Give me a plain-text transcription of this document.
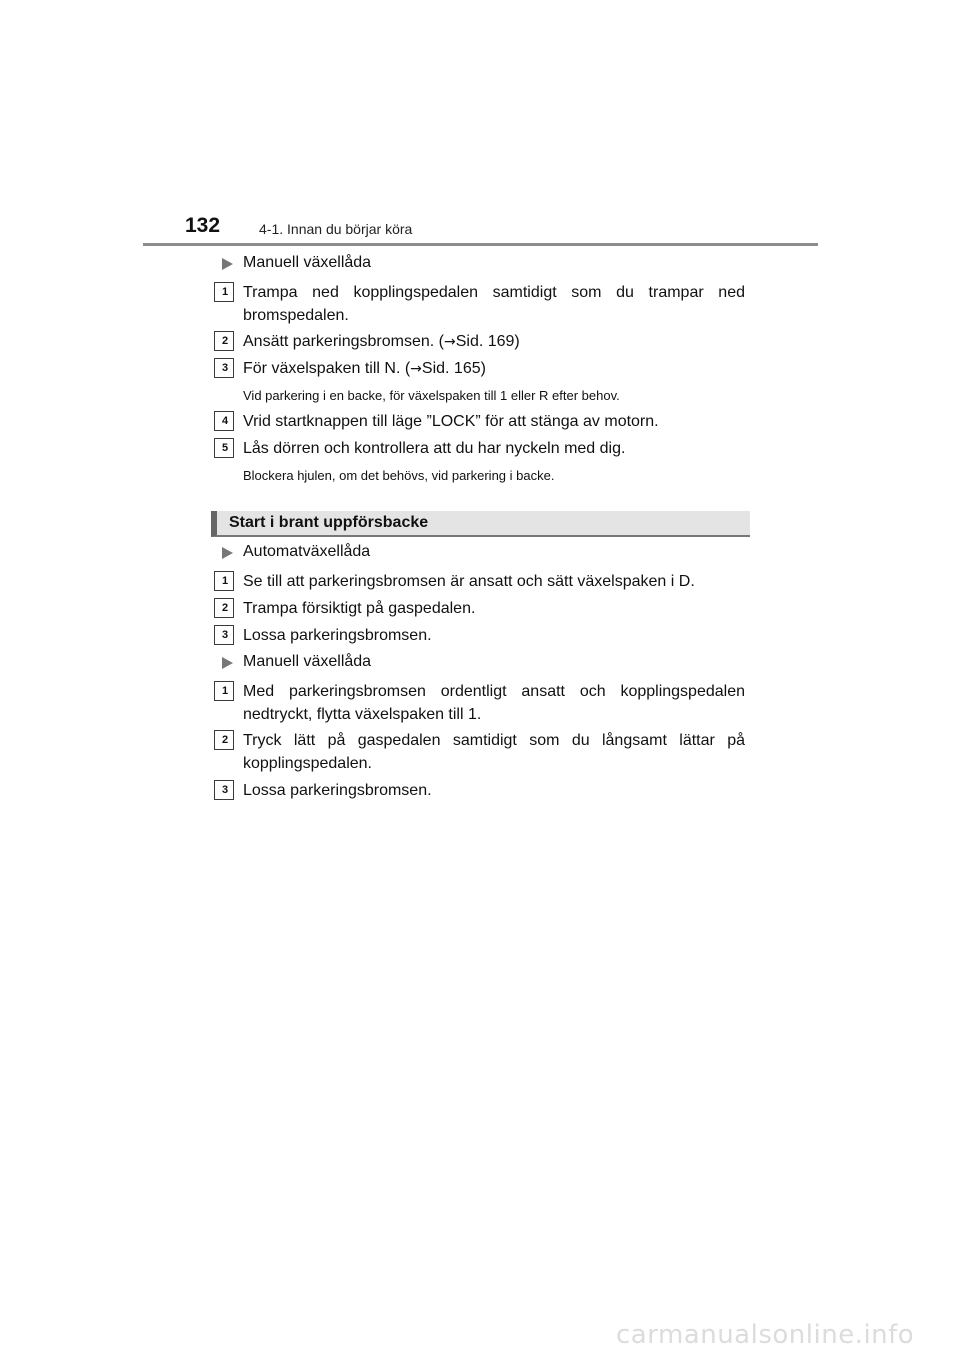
132	4-1. Innan du börjar köra
Manuell växellåda
1 Trampa ned kopplingspedalen samtidigt som du trampar ned bromspedalen.
2 Ansätt parkeringsbromsen. (→Sid. 169)
3 För växelspaken till N. (→Sid. 165)
Vid parkering i en backe, för växelspaken till 1 eller R efter behov.
4 Vrid startknappen till läge ”LOCK” för att stänga av motorn.
5 Lås dörren och kontrollera att du har nyckeln med dig.
Blockera hjulen, om det behövs, vid parkering i backe.
Start i brant uppförsbacke
Automatväxellåda
1 Se till att parkeringsbromsen är ansatt och sätt växelspaken i D.
2 Trampa försiktigt på gaspedalen.
3 Lossa parkeringsbromsen.
Manuell växellåda
1 Med parkeringsbromsen ordentligt ansatt och kopplingspedalen nedtryckt, flytta växelspaken till 1.
2 Tryck lätt på gaspedalen samtidigt som du långsamt lättar på kopplingspedalen.
3 Lossa parkeringsbromsen.
carmanualsonline.info
